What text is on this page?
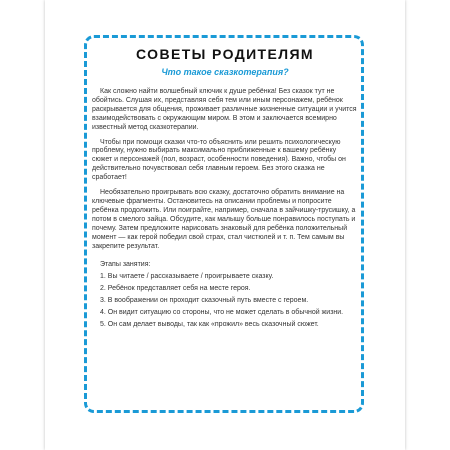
СОВЕТЫ РОДИТЕЛЯМ
Что такое сказкотерапия?

Как сложно найти волшебный ключик к душе ребёнка! Без сказок тут не обойтись. Слушая их, представляя себя тем или иным персонажем, ребёнок раскрывается для общения, проживает различные жизненные ситуации и учится взаимодействовать с окружающим миром. В этом и заключается всемирно известный метод сказкотерапии.

Чтобы при помощи сказки что-то объяснить или решить психологическую проблему, нужно выбирать максимально приближенные к вашему ребёнку сюжет и персонажей (пол, возраст, особенности поведения). Важно, чтобы он действительно почувствовал себя главным героем. Без этого сказка не сработает!

Необязательно проигрывать всю сказку, достаточно обратить внимание на ключевые фрагменты. Остановитесь на описании проблемы и попросите ребёнка продолжить. Или поиграйте, например, сначала в зайчишку-трусишку, а потом в смелого зайца. Обсудите, как малышу больше понравилось поступать и почему. Затем предложите нарисовать знаковый для ребёнка положительный момент — как герой победил свой страх, стал чистюлей и т. п. Тем самым вы закрепите результат.

Этапы занятия:

1. Вы читаете / рассказываете / проигрываете сказку.
2. Ребёнок представляет себя на месте героя.
3. В воображении он проходит сказочный путь вместе с героем.
4. Он видит ситуацию со стороны, что не может сделать в обычной жизни.
5. Он сам делает выводы, так как «прожил» весь сказочный сюжет.
